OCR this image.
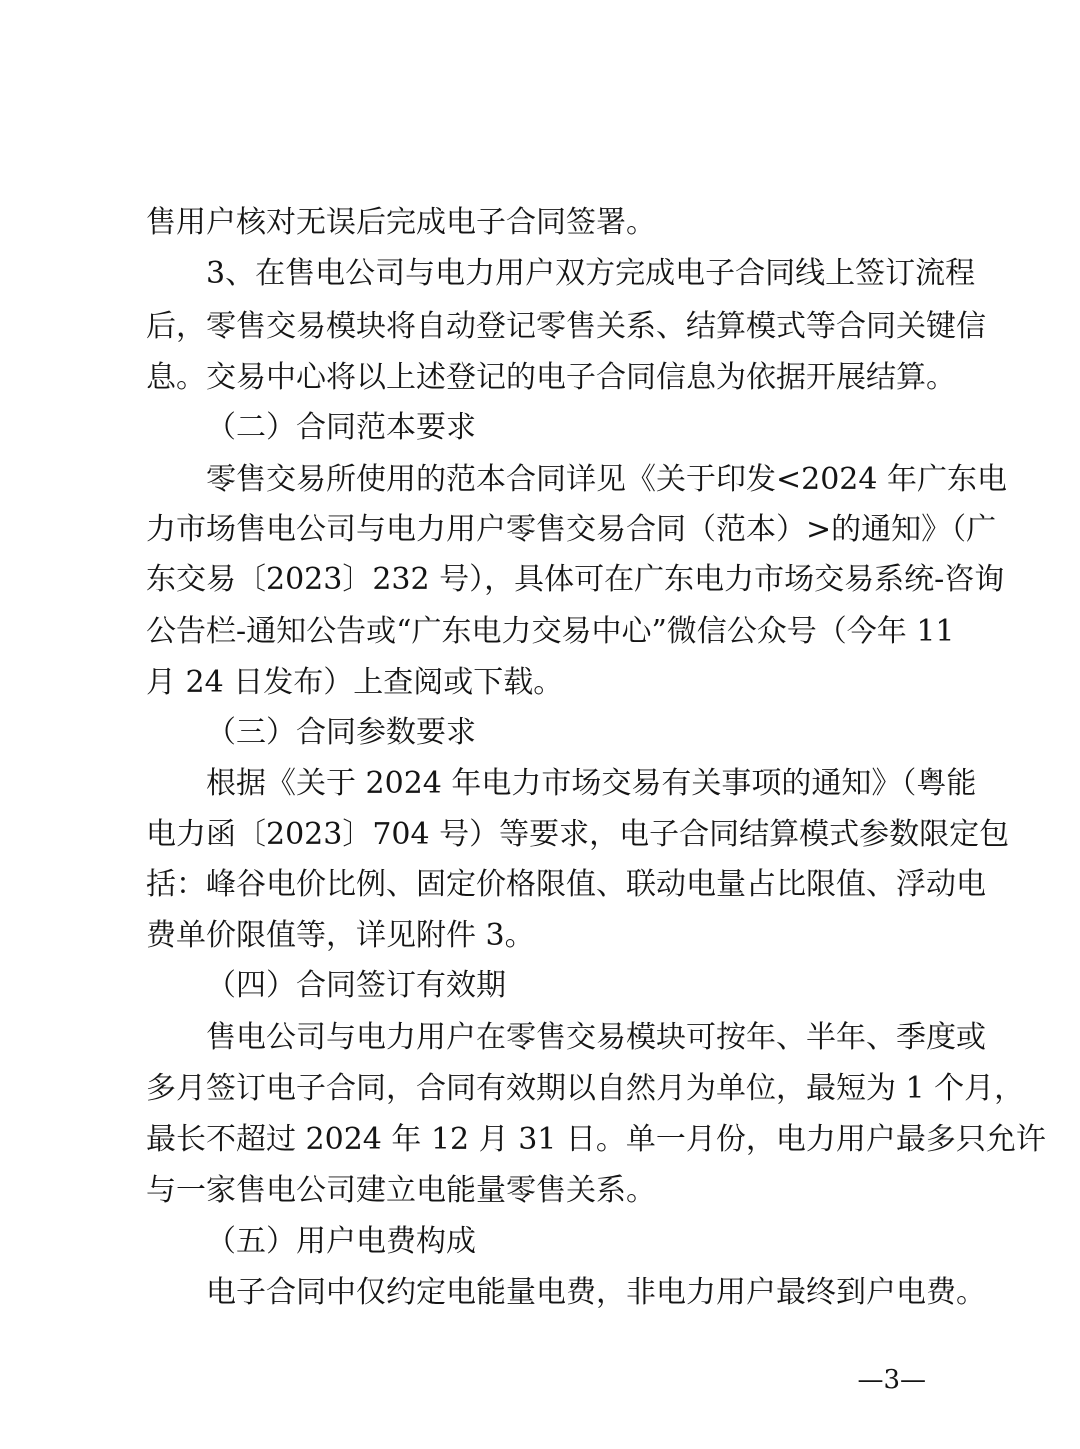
售用户核对无误后完成电子合同签署。
3、在售电公司与电力用户双方完成电子合同线上签订流程
后，零售交易模块将自动登记零售关系、结算模式等合同关键信
息。交易中心将以上述登记的电子合同信息为依据开展结算。
（二）合同范本要求
零售交易所使用的范本合同详见《关于印发<2024 年广东电
力市场售电公司与电力用户零售交易合同（范本）>的通知》（广
东交易〔2023〕232 号），具体可在广东电力市场交易系统-咨询
公告栏-通知公告或“广东电力交易中心”微信公众号（今年 11
月 24 日发布）上查阅或下载。
（三）合同参数要求
根据《关于 2024 年电力市场交易有关事项的通知》（粤能
电力函〔2023〕704 号）等要求，电子合同结算模式参数限定包
括：峰谷电价比例、固定价格限值、联动电量占比限值、浮动电
费单价限值等，详见附件 3。
（四）合同签订有效期
售电公司与电力用户在零售交易模块可按年、半年、季度或
多月签订电子合同，合同有效期以自然月为单位，最短为 1 个月，
最长不超过 2024 年 12 月 31 日。单一月份，电力用户最多只允许
与一家售电公司建立电能量零售关系。
（五）用户电费构成
电子合同中仅约定电能量电费，非电力用户最终到户电费。
—3—
